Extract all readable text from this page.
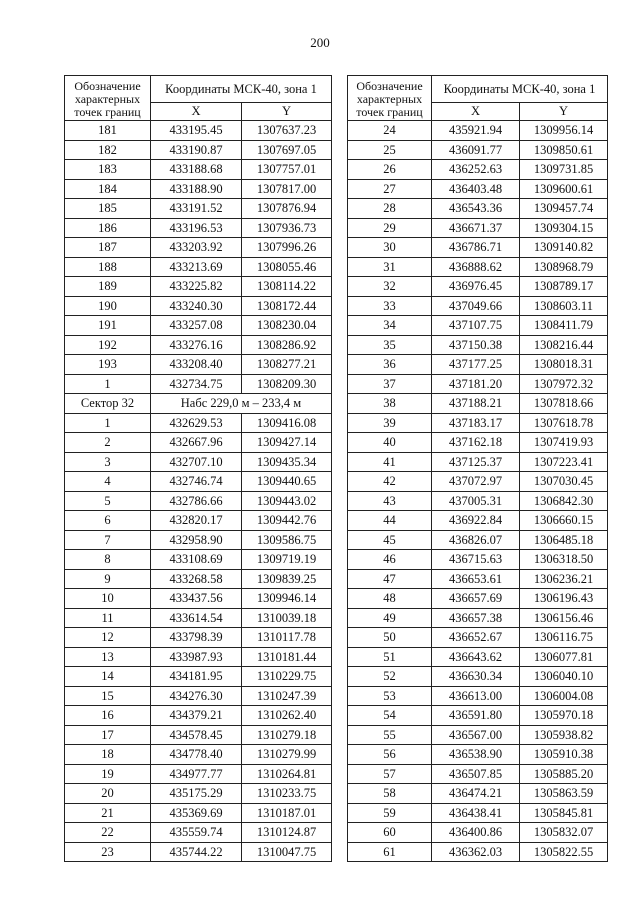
200
Обозначение характерных точек границ	Координаты МСК-40, зона 1	
	X	Y
181	433195.45	1307637.23
182	433190.87	1307697.05
183	433188.68	1307757.01
184	433188.90	1307817.00
185	433191.52	1307876.94
186	433196.53	1307936.73
187	433203.92	1307996.26
188	433213.69	1308055.46
189	433225.82	1308114.22
190	433240.30	1308172.44
191	433257.08	1308230.04
192	433276.16	1308286.92
193	433208.40	1308277.21
1	432734.75	1308209.30
Сектор 32	Набс 229,0 м – 233,4 м	
1	432629.53	1309416.08
2	432667.96	1309427.14
3	432707.10	1309435.34
4	432746.74	1309440.65
5	432786.66	1309443.02
6	432820.17	1309442.76
7	432958.90	1309586.75
8	433108.69	1309719.19
9	433268.58	1309839.25
10	433437.56	1309946.14
11	433614.54	1310039.18
12	433798.39	1310117.78
13	433987.93	1310181.44
14	434181.95	1310229.75
15	434276.30	1310247.39
16	434379.21	1310262.40
17	434578.45	1310279.18
18	434778.40	1310279.99
19	434977.77	1310264.81
20	435175.29	1310233.75
21	435369.69	1310187.01
22	435559.74	1310124.87
23	435744.22	1310047.75
Обозначение характерных точек границ	Координаты МСК-40, зона 1	
	X	Y
24	435921.94	1309956.14
25	436091.77	1309850.61
26	436252.63	1309731.85
27	436403.48	1309600.61
28	436543.36	1309457.74
29	436671.37	1309304.15
30	436786.71	1309140.82
31	436888.62	1308968.79
32	436976.45	1308789.17
33	437049.66	1308603.11
34	437107.75	1308411.79
35	437150.38	1308216.44
36	437177.25	1308018.31
37	437181.20	1307972.32
38	437188.21	1307818.66
39	437183.17	1307618.78
40	437162.18	1307419.93
41	437125.37	1307223.41
42	437072.97	1307030.45
43	437005.31	1306842.30
44	436922.84	1306660.15
45	436826.07	1306485.18
46	436715.63	1306318.50
47	436653.61	1306236.21
48	436657.69	1306196.43
49	436657.38	1306156.46
50	436652.67	1306116.75
51	436643.62	1306077.81
52	436630.34	1306040.10
53	436613.00	1306004.08
54	436591.80	1305970.18
55	436567.00	1305938.82
56	436538.90	1305910.38
57	436507.85	1305885.20
58	436474.21	1305863.59
59	436438.41	1305845.81
60	436400.86	1305832.07
61	436362.03	1305822.55
